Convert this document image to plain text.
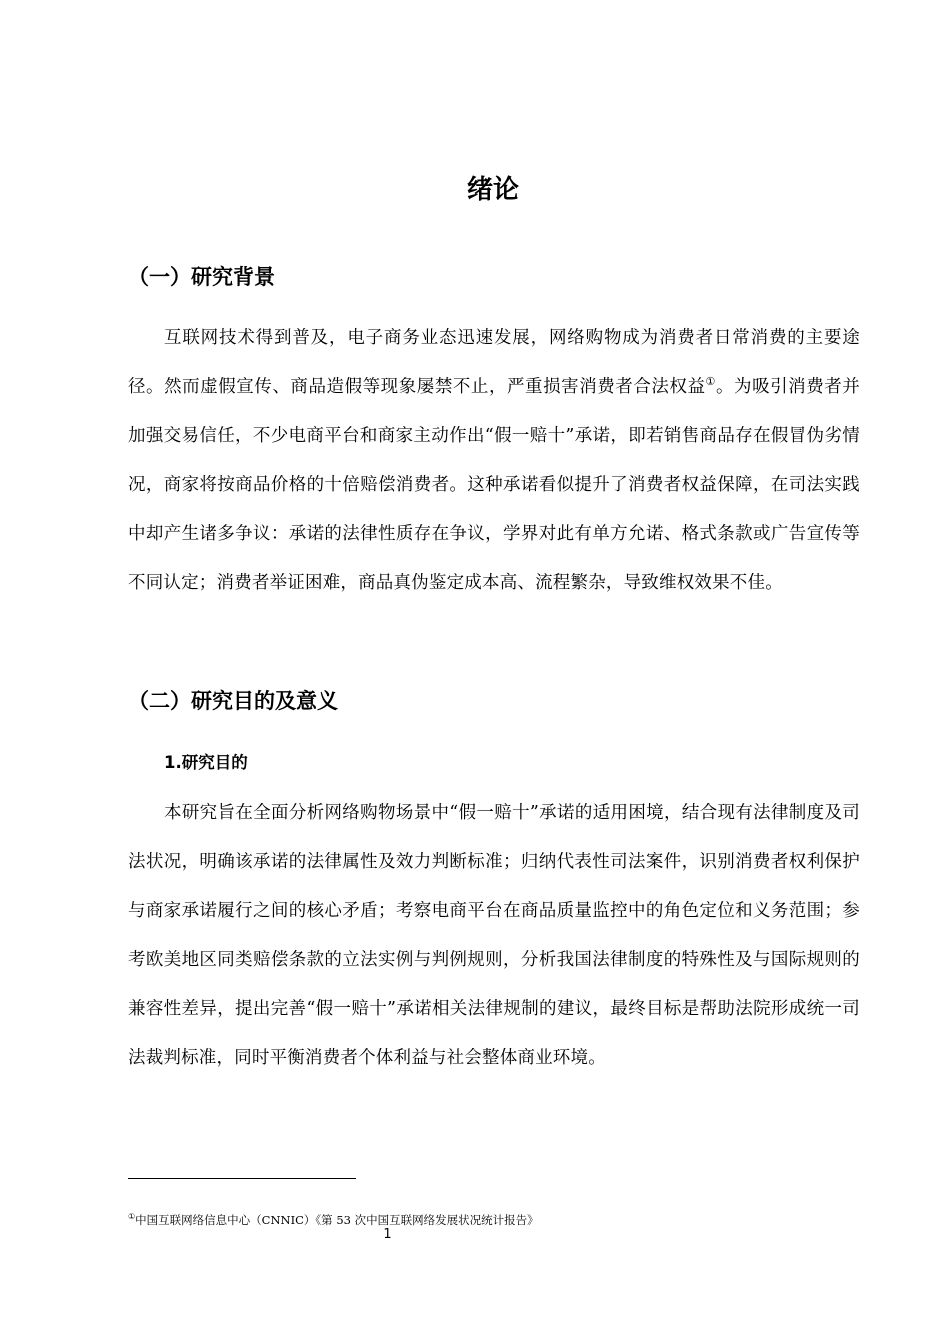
绪论
（一）研究背景
互联网技术得到普及，电子商务业态迅速发展，网络购物成为消费者日常消费的主要途径。然而虚假宣传、商品造假等现象屡禁不止，严重损害消费者合法权益①。为吸引消费者并加强交易信任，不少电商平台和商家主动作出“假一赔十”承诺，即若销售商品存在假冒伪劣情况，商家将按商品价格的十倍赔偿消费者。这种承诺看似提升了消费者权益保障，在司法实践中却产生诸多争议：承诺的法律性质存在争议，学界对此有单方允诺、格式条款或广告宣传等不同认定；消费者举证困难，商品真伪鉴定成本高、流程繁杂，导致维权效果不佳。
（二）研究目的及意义
1.研究目的
本研究旨在全面分析网络购物场景中“假一赔十”承诺的适用困境，结合现有法律制度及司法状况，明确该承诺的法律属性及效力判断标准；归纳代表性司法案件，识别消费者权利保护与商家承诺履行之间的核心矛盾；考察电商平台在商品质量监控中的角色定位和义务范围；参考欧美地区同类赔偿条款的立法实例与判例规则，分析我国法律制度的特殊性及与国际规则的兼容性差异，提出完善“假一赔十”承诺相关法律规制的建议，最终目标是帮助法院形成统一司法裁判标准，同时平衡消费者个体利益与社会整体商业环境。
①中国互联网络信息中心（CNNIC）《第 53 次中国互联网络发展状况统计报告》
1
